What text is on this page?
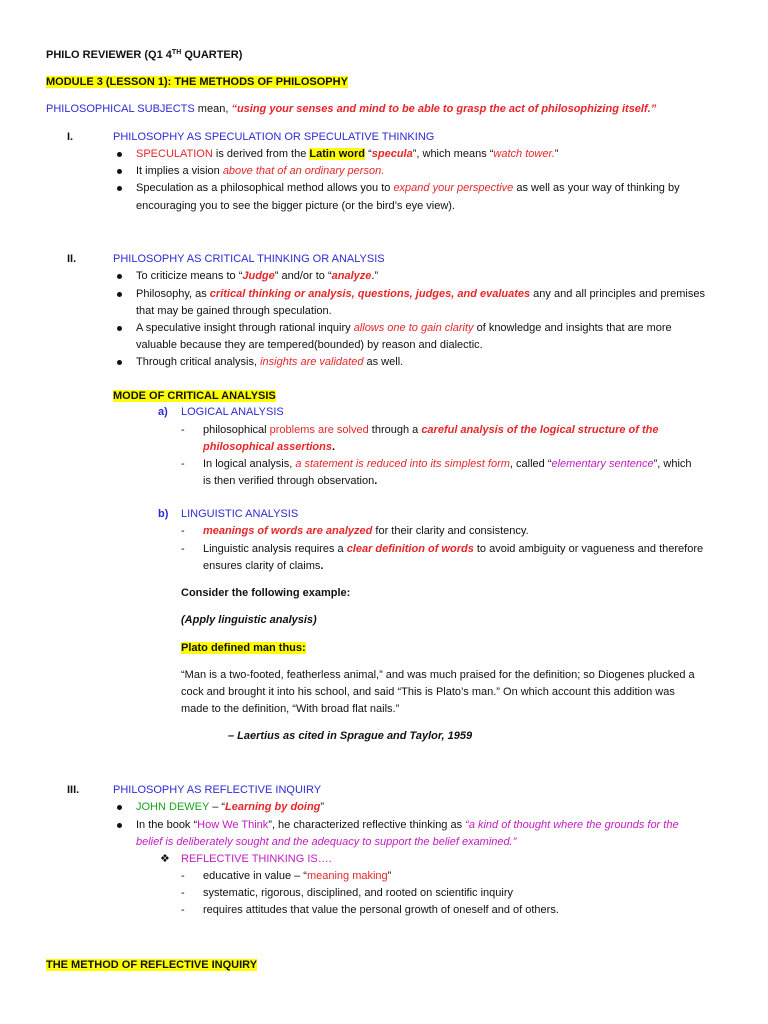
PHILO REVIEWER (Q1 4TH QUARTER)
MODULE 3 (LESSON 1): THE METHODS OF PHILOSOPHY
PHILOSOPHICAL SUBJECTS mean, “using your senses and mind to be able to grasp the act of philosophizing itself.”
I.	PHILOSOPHY AS SPECULATION OR SPECULATIVE THINKING
SPECULATION is derived from the Latin word “specula”, which means “watch tower.”
It implies a vision above that of an ordinary person.
Speculation as a philosophical method allows you to expand your perspective as well as your way of thinking by
encouraging you to see the bigger picture (or the bird’s eye view).
II.	PHILOSOPHY AS CRITICAL THINKING OR ANALYSIS
To criticize means to “Judge” and/or to “analyze.”
Philosophy, as critical thinking or analysis, questions, judges, and evaluates any and all principles and premises
that may be gained through speculation.
A speculative insight through rational inquiry allows one to gain clarity of knowledge and insights that are more
valuable because they are tempered(bounded) by reason and dialectic.
Through critical analysis, insights are validated as well.
MODE OF CRITICAL ANALYSIS
a) LOGICAL ANALYSIS
- philosophical problems are solved through a careful analysis of the logical structure of the
philosophical assertions.
- In logical analysis, a statement is reduced into its simplest form, called “elementary sentence”, which
is then verified through observation.
b) LINGUISTIC ANALYSIS
- meanings of words are analyzed for their clarity and consistency.
- Linguistic analysis requires a clear definition of words to avoid ambiguity or vagueness and therefore
ensures clarity of claims.
Consider the following example:
(Apply linguistic analysis)
Plato defined man thus:
“Man is a two-footed, featherless animal,” and was much praised for the definition; so Diogenes plucked a
cock and brought it into his school, and said “This is Plato’s man.” On which account this addition was
made to the definition, “With broad flat nails.”
– Laertius as cited in Sprague and Taylor, 1959
III.	PHILOSOPHY AS REFLECTIVE INQUIRY
JOHN DEWEY – “Learning by doing”
In the book “How We Think”, he characterized reflective thinking as “a kind of thought where the grounds for the
belief is deliberately sought and the adequacy to support the belief examined.”
❖ REFLECTIVE THINKING IS….
- educative in value – “meaning making”
- systematic, rigorous, disciplined, and rooted on scientific inquiry
- requires attitudes that value the personal growth of oneself and of others.
THE METHOD OF REFLECTIVE INQUIRY
